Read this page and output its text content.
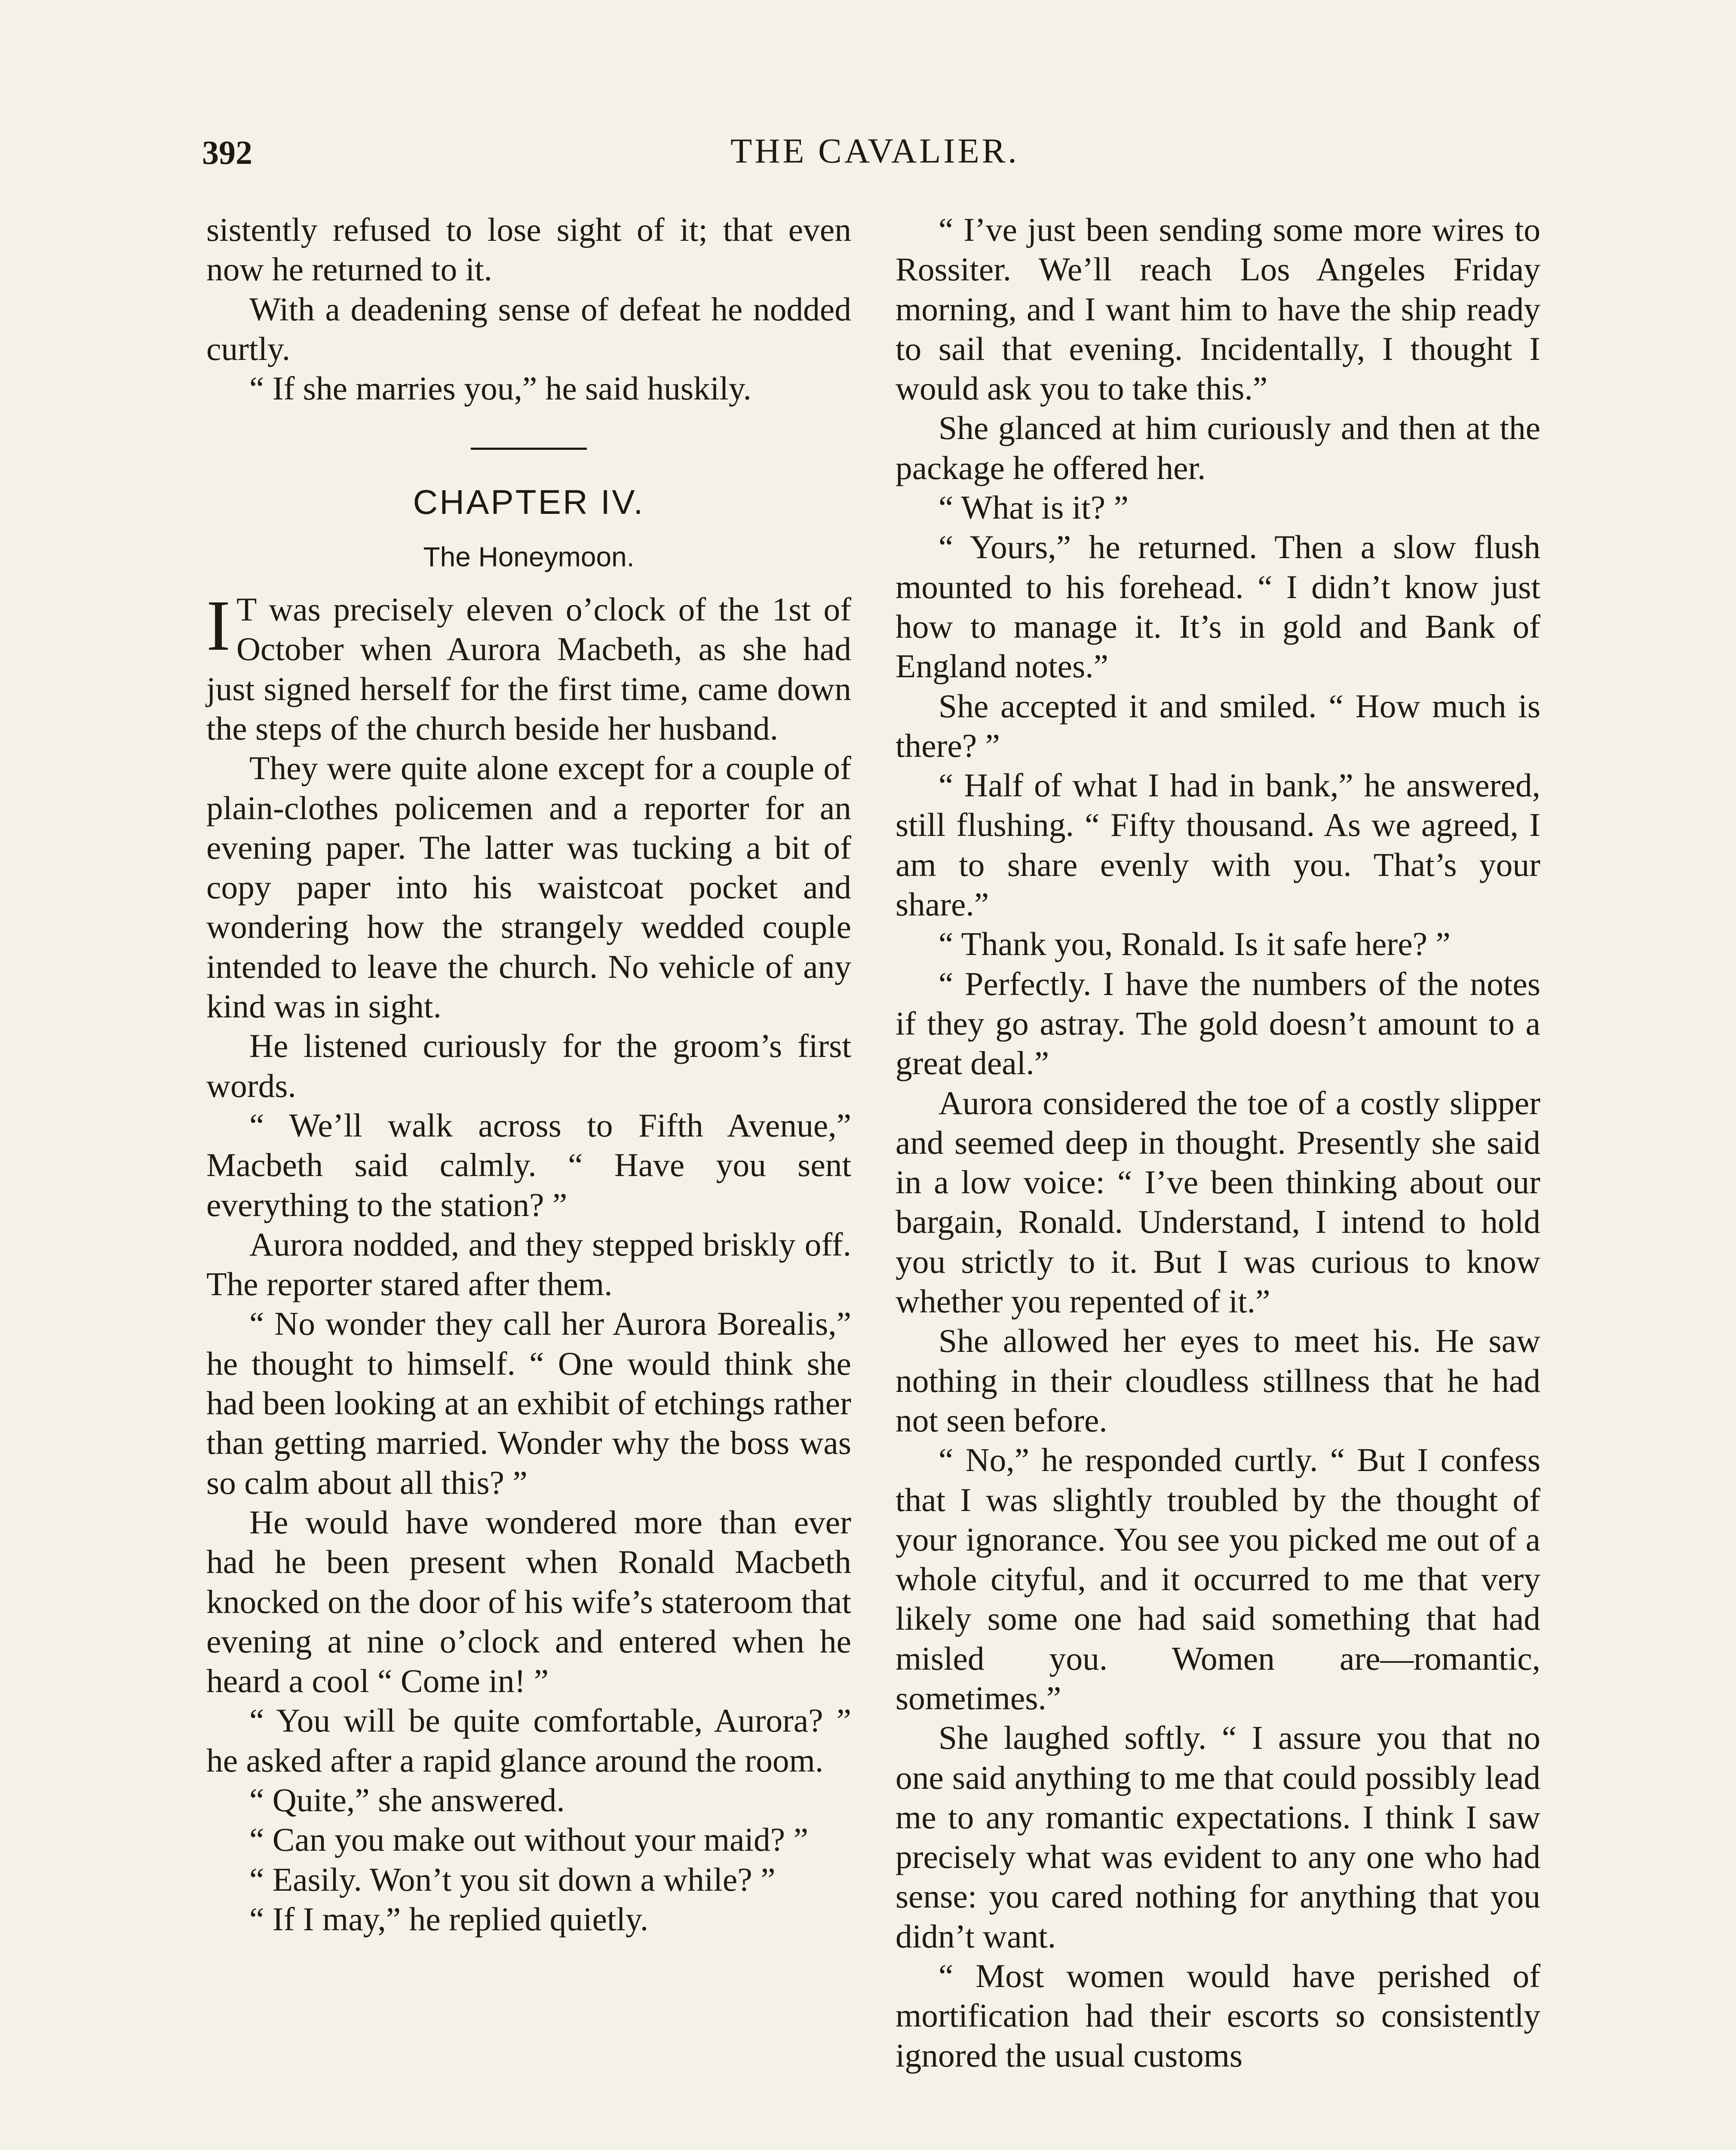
392	THE CAVALIER.

sistently refused to lose sight of it; that even now he returned to it.

With a deadening sense of defeat he nodded curtly.

“ If she marries you,” he said huskily.

CHAPTER IV.
The Honeymoon.

I T was precisely eleven o’clock of the 1st of October when Aurora Macbeth, as she had just signed herself for the first time, came down the steps of the church beside her husband.

They were quite alone except for a couple of plain-clothes policemen and a reporter for an evening paper. The latter was tucking a bit of copy paper into his waistcoat pocket and wondering how the strangely wedded couple intended to leave the church. No vehicle of any kind was in sight.

He listened curiously for the groom’s first words.

“ We’ll walk across to Fifth Avenue,” Macbeth said calmly. “ Have you sent everything to the station? ”

Aurora nodded, and they stepped briskly off. The reporter stared after them.

“ No wonder they call her Aurora Borealis,” he thought to himself. “ One would think she had been looking at an exhibit of etchings rather than getting married. Wonder why the boss was so calm about all this? ”

He would have wondered more than ever had he been present when Ronald Macbeth knocked on the door of his wife’s stateroom that evening at nine o’clock and entered when he heard a cool “ Come in! ”

“ You will be quite comfortable, Aurora? ” he asked after a rapid glance around the room.

“ Quite,” she answered.

“ Can you make out without your maid? ”

“ Easily. Won’t you sit down a while? ”

“ If I may,” he replied quietly.

“ I’ve just been sending some more wires to Rossiter. We’ll reach Los Angeles Friday morning, and I want him to have the ship ready to sail that evening. Incidentally, I thought I would ask you to take this.”

She glanced at him curiously and then at the package he offered her.

“ What is it? ”

“ Yours,” he returned. Then a slow flush mounted to his forehead. “ I didn’t know just how to manage it. It’s in gold and Bank of England notes.”

She accepted it and smiled. “ How much is there? ”

“ Half of what I had in bank,” he answered, still flushing. “ Fifty thousand. As we agreed, I am to share evenly with you. That’s your share.”

“ Thank you, Ronald. Is it safe here? ”

“ Perfectly. I have the numbers of the notes if they go astray. The gold doesn’t amount to a great deal.”

Aurora considered the toe of a costly slipper and seemed deep in thought. Presently she said in a low voice: “ I’ve been thinking about our bargain, Ronald. Understand, I intend to hold you strictly to it. But I was curious to know whether you repented of it.”

She allowed her eyes to meet his. He saw nothing in their cloudless stillness that he had not seen before.

“ No,” he responded curtly. “ But I confess that I was slightly troubled by the thought of your ignorance. You see you picked me out of a whole cityful, and it occurred to me that very likely some one had said something that had misled you. Women are—romantic, sometimes.”

She laughed softly. “ I assure you that no one said anything to me that could possibly lead me to any romantic expectations. I think I saw precisely what was evident to any one who had sense: you cared nothing for anything that you didn’t want.

“ Most women would have perished of mortification had their escorts so consistently ignored the usual customs
